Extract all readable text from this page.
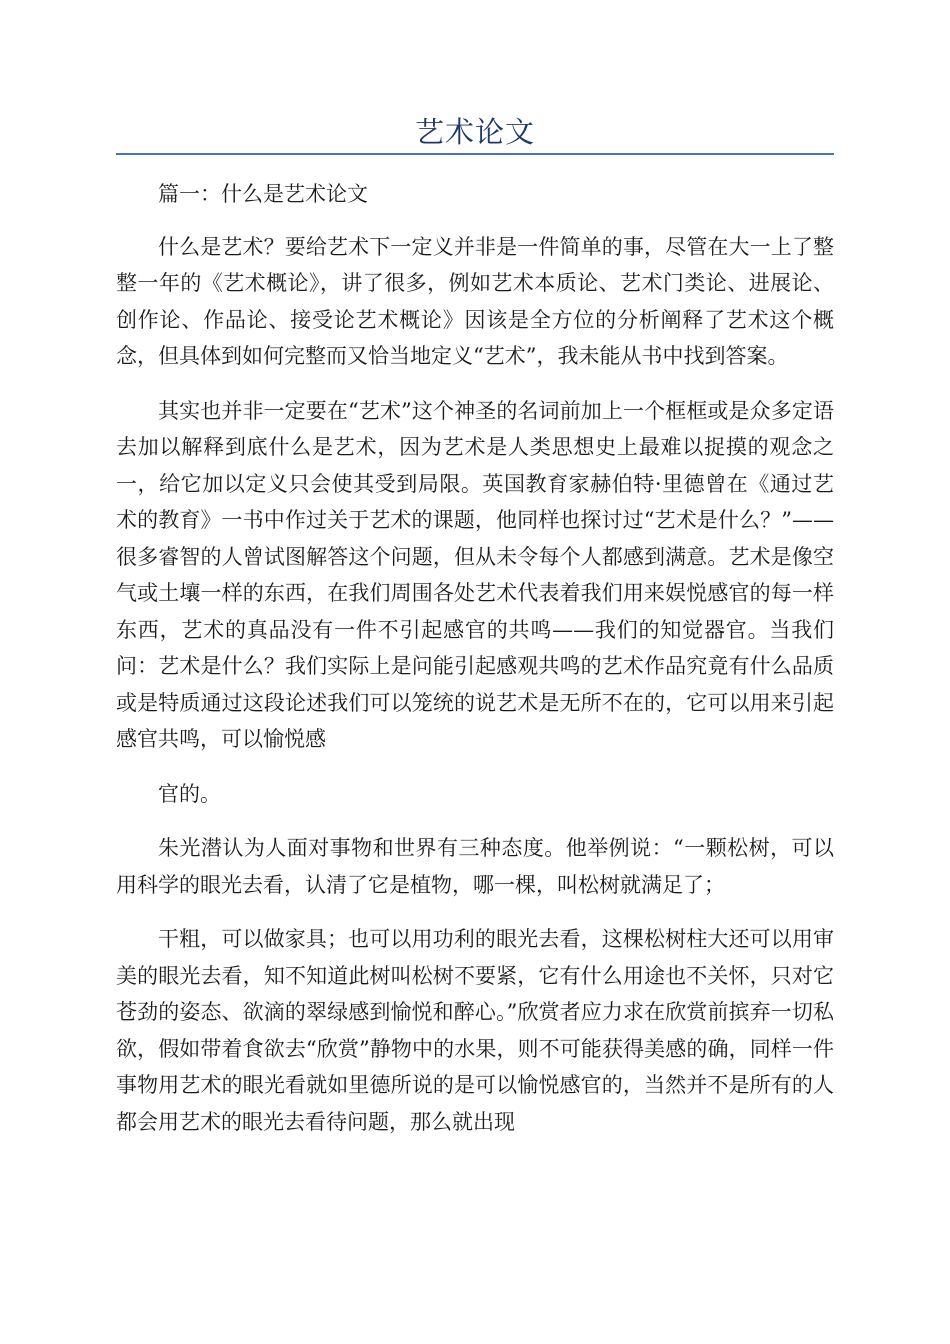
艺术论文

篇一：什么是艺术论文

什么是艺术？要给艺术下一定义并非是一件简单的事，尽管在大一上了整整一年的《艺术概论》，讲了很多，例如艺术本质论、艺术门类论、进展论、创作论、作品论、接受论艺术概论》因该是全方位的分析阐释了艺术这个概念，但具体到如何完整而又恰当地定义“艺术”，我未能从书中找到答案。

其实也并非一定要在“艺术”这个神圣的名词前加上一个框框或是众多定语去加以解释到底什么是艺术，因为艺术是人类思想史上最难以捉摸的观念之一，给它加以定义只会使其受到局限。英国教育家赫伯特·里德曾在《通过艺术的教育》一书中作过关于艺术的课题，他同样也探讨过“艺术是什么？”——很多睿智的人曾试图解答这个问题，但从未令每个人都感到满意。艺术是像空气或土壤一样的东西，在我们周围各处艺术代表着我们用来娱悦感官的每一样东西，艺术的真品没有一件不引起感官的共鸣——我们的知觉器官。当我们问：艺术是什么？我们实际上是问能引起感观共鸣的艺术作品究竟有什么品质或是特质通过这段论述我们可以笼统的说艺术是无所不在的，它可以用来引起感官共鸣，可以愉悦感

官的。

朱光潜认为人面对事物和世界有三种态度。他举例说：“一颗松树，可以用科学的眼光去看，认清了它是植物，哪一棵，叫松树就满足了；

干粗，可以做家具；也可以用功利的眼光去看，这棵松树柱大还可以用审美的眼光去看，知不知道此树叫松树不要紧，它有什么用途也不关怀，只对它苍劲的姿态、欲滴的翠绿感到愉悦和醉心。”欣赏者应力求在欣赏前摈弃一切私欲，假如带着食欲去“欣赏”静物中的水果，则不可能获得美感的确，同样一件事物用艺术的眼光看就如里德所说的是可以愉悦感官的，当然并不是所有的人都会用艺术的眼光去看待问题，那么就出现
